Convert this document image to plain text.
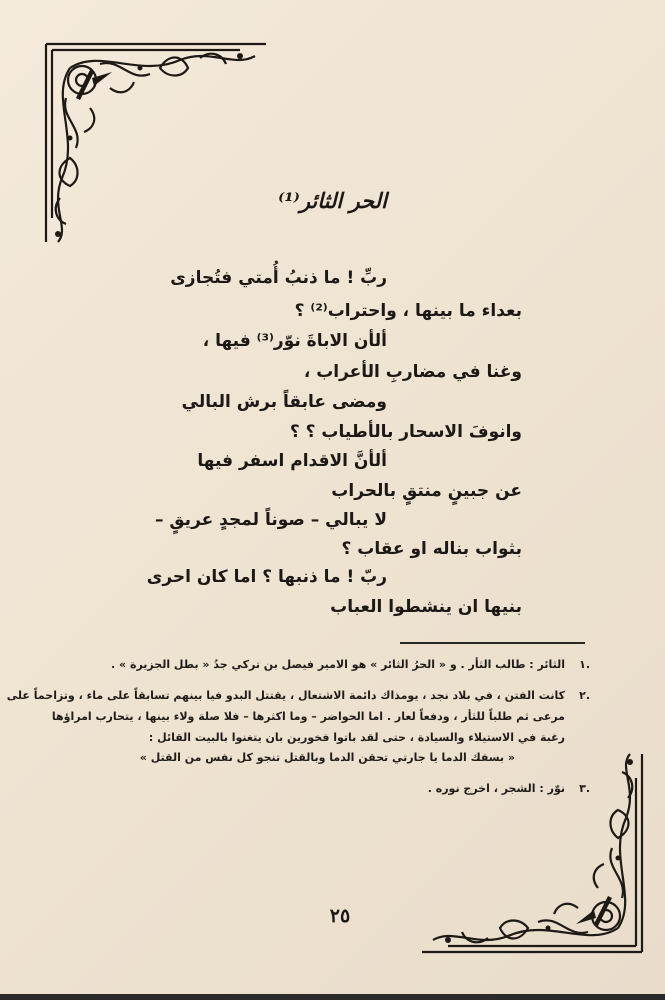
الحر الثائر⁽¹⁾
ربِّ ! ما ذنبُ أُمتي فتُجازى
بعداء ما بينها ، واحتراب⁽²⁾ ؟
ألأن الاباةَ نوّر⁽³⁾ فيها ،
وغنا في مضاربِ الأعراب ،
ومضى عابقاً برش البالي
وانوفَ الاسحار بالأطياب ؟ ؟
ألأنَّ الاقدام اسفر فيها
عن جبينٍ منتقٍ بالحراب
لا يبالي – صوناً لمجدٍ عريقٍ –
بثواب بناله او عقاب ؟
ربّ ! ما ذنبها ؟ اما كان احرى
بنيها ان ينشطوا العباب
١.
الثائر : طالب الثأر . و « الحرُ الثائر » هو الامير فيصل بن تركي جدُ « بطل الجزيرة » .
٢.
كانت الفتن ، في بلاد نجد ، يومذاك دائمة الاشتعال ، يقتتل البدو فيا بينهم تسابقاً على ماء ، وتزاحماً على
مرعى ثم طلباً للثأر ، ودفعاً لعار . اما الحواضر – وما اكثرها – فلا صلة ولاء بينها ، يتحارب امراؤها
رغبة في الاستيلاء والسيادة ، حتى لقد باتوا فخورين بان يتغنوا بالبيت القائل :
« بسفك الدما يا جارتي تحقن الدما وبالقتل تنجو كل نفس من القتل »
٣.
نوّر : الشجر ، اخرج نوره .
٢٥
